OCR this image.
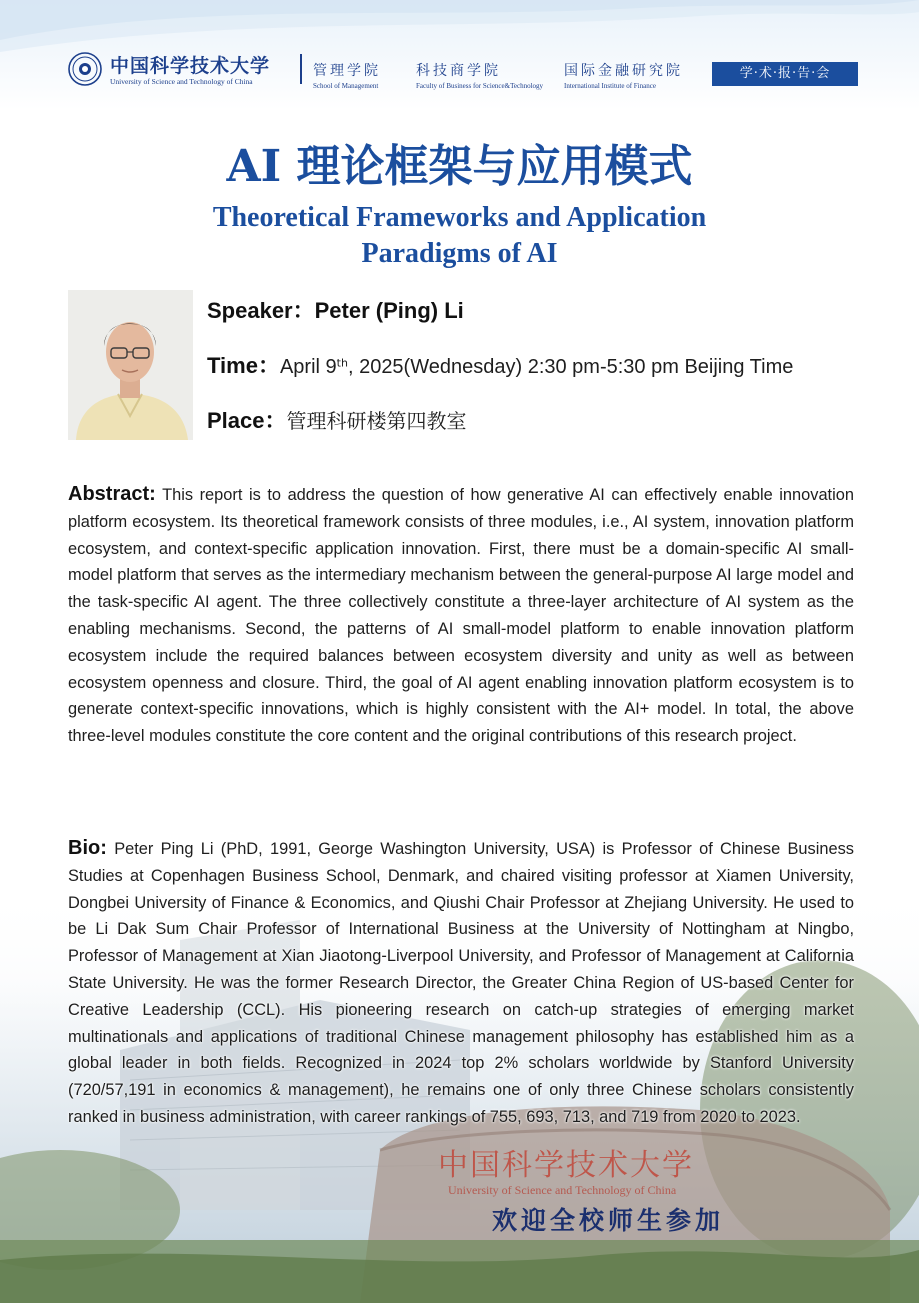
中国科学技术大学
University of Science and Technology of China
管理学院
School of Management
科技商学院
Faculty of Business for Science&Technology
国际金融研究院
International Institute of Finance
学·术·报·告·会
AI 理论框架与应用模式
Theoretical Frameworks and Application
Paradigms of AI
Speaker：Peter (Ping) Li
Time：April 9th, 2025(Wednesday) 2:30 pm-5:30 pm Beijing Time
Place：管理科研楼第四教室
Abstract: This report is to address the question of how generative AI can effectively enable innovation platform ecosystem. Its theoretical framework consists of three modules, i.e., AI system, innovation platform ecosystem, and context-specific application innovation. First, there must be a domain-specific AI small-model platform that serves as the intermediary mechanism between the general-purpose AI large model and the task-specific AI agent. The three collectively constitute a three-layer architecture of AI system as the enabling mechanisms. Second, the patterns of AI small-model platform to enable innovation platform ecosystem include the required balances between ecosystem diversity and unity as well as between ecosystem openness and closure. Third, the goal of AI agent enabling innovation platform ecosystem is to generate context-specific innovations, which is highly consistent with the AI+ model. In total, the above three-level modules constitute the core content and the original contributions of this research project.
Bio: Peter Ping Li (PhD, 1991, George Washington University, USA) is Professor of Chinese Business Studies at Copenhagen Business School, Denmark, and chaired visiting professor at Xiamen University, Dongbei University of Finance & Economics, and Qiushi Chair Professor at Zhejiang University. He used to be Li Dak Sum Chair Professor of International Business at the University of Nottingham at Ningbo, Professor of Management at Xian Jiaotong-Liverpool University, and Professor of Management at California State University. He was the former Research Director, the Greater China Region of US-based Center for Creative Leadership (CCL). His pioneering research on catch-up strategies of emerging market multinationals and applications of traditional Chinese management philosophy has established him as a global leader in both fields. Recognized in 2024 top 2% scholars worldwide by Stanford University (720/57,191 in economics & management), he remains one of only three Chinese scholars consistently ranked in business administration, with career rankings of 755, 693, 713, and 719 from 2020 to 2023.
中国科学技术大学
University of Science and Technology of China
欢迎全校师生参加
